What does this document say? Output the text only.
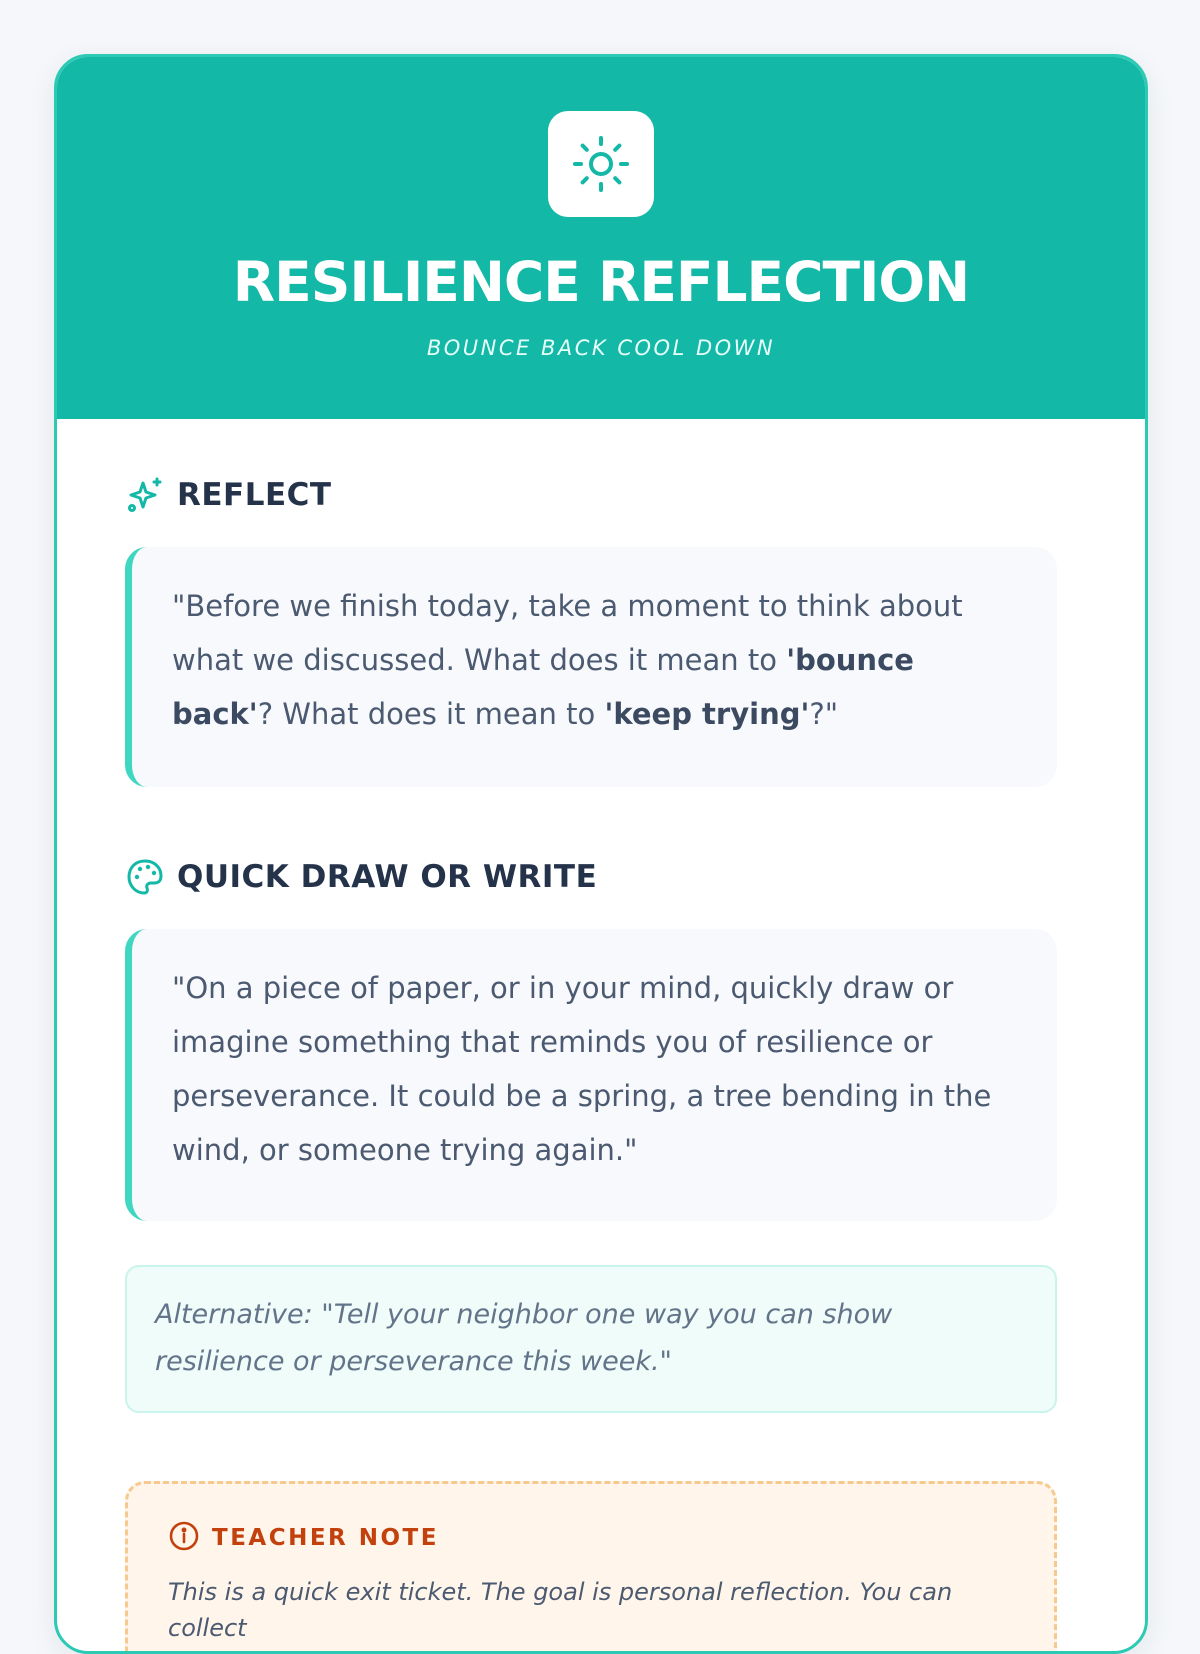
RESILIENCE REFLECTION
BOUNCE BACK COOL DOWN
REFLECT
"Before we finish today, take a moment to think about what we discussed. What does it mean to 'bounce back'? What does it mean to 'keep trying'?"
QUICK DRAW OR WRITE
"On a piece of paper, or in your mind, quickly draw or imagine something that reminds you of resilience or perseverance. It could be a spring, a tree bending in the wind, or someone trying again."
Alternative: "Tell your neighbor one way you can show resilience or perseverance this week."
TEACHER NOTE
This is a quick exit ticket. The goal is personal reflection. You can collect
